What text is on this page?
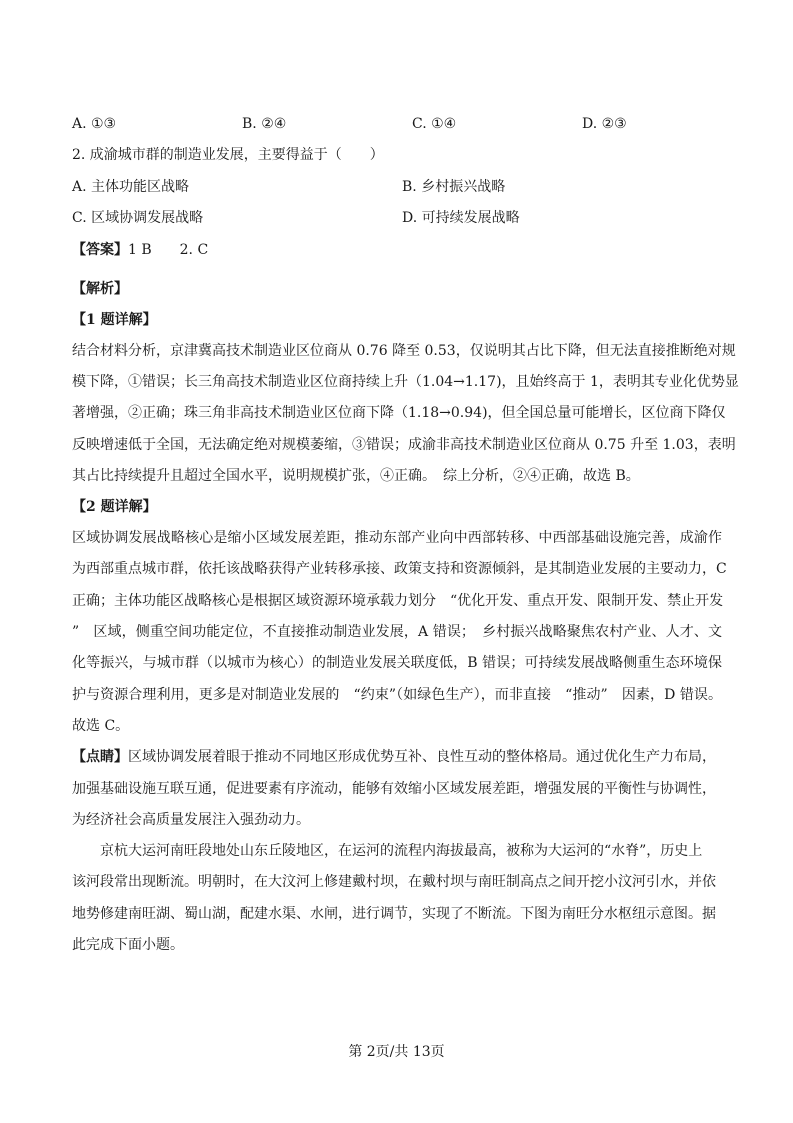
A. ①③	B. ②④	C. ①④	D. ②③
2. 成渝城市群的制造业发展，主要得益于（　　）
A. 主体功能区战略	B. 乡村振兴战略
C. 区域协调发展战略	D. 可持续发展战略
【答案】1 B　　2. C
【解析】
【1 题详解】
结合材料分析，京津冀高技术制造业区位商从 0.76 降至 0.53，仅说明其占比下降，但无法直接推断绝对规
模下降，①错误；长三角高技术制造业区位商持续上升（1.04→1.17)，且始终高于 1，表明其专业化优势显
著增强，②正确；珠三角非高技术制造业区位商下降（1.18→0.94)，但全国总量可能增长，区位商下降仅
反映增速低于全国，无法确定绝对规模萎缩，③错误；成渝非高技术制造业区位商从 0.75 升至 1.03，表明
其占比持续提升且超过全国水平，说明规模扩张，④正确。　综上分析，②④正确，故选 B。
【2 题详解】
区域协调发展战略核心是缩小区域发展差距，推动东部产业向中西部转移、中西部基础设施完善，成渝作
为西部重点城市群，依托该战略获得产业转移承接、政策支持和资源倾斜，是其制造业发展的主要动力，C
正确；主体功能区战略核心是根据区域资源环境承载力划分　“优化开发、重点开发、限制开发、禁止开发
”　区域，侧重空间功能定位，不直接推动制造业发展，A 错误；　乡村振兴战略聚焦农村产业、人才、文
化等振兴，与城市群（以城市为核心）的制造业发展关联度低，B 错误；可持续发展战略侧重生态环境保
护与资源合理利用，更多是对制造业发展的　“约束”（如绿色生产），而非直接　“推动”　因素，D 错误。
故选 C。
【点睛】区域协调发展着眼于推动不同地区形成优势互补、良性互动的整体格局。通过优化生产力布局，
加强基础设施互联互通，促进要素有序流动，能够有效缩小区域发展差距，增强发展的平衡性与协调性，
为经济社会高质量发展注入强劲动力。
京杭大运河南旺段地处山东丘陵地区，在运河的流程内海拔最高，被称为大运河的“水脊”，历史上
该河段常出现断流。明朝时，在大汶河上修建戴村坝，在戴村坝与南旺制高点之间开挖小汶河引水，并依
地势修建南旺湖、蜀山湖，配建水渠、水闸，进行调节，实现了不断流。下图为南旺分水枢纽示意图。据
此完成下面小题。
第 2页/共 13页
